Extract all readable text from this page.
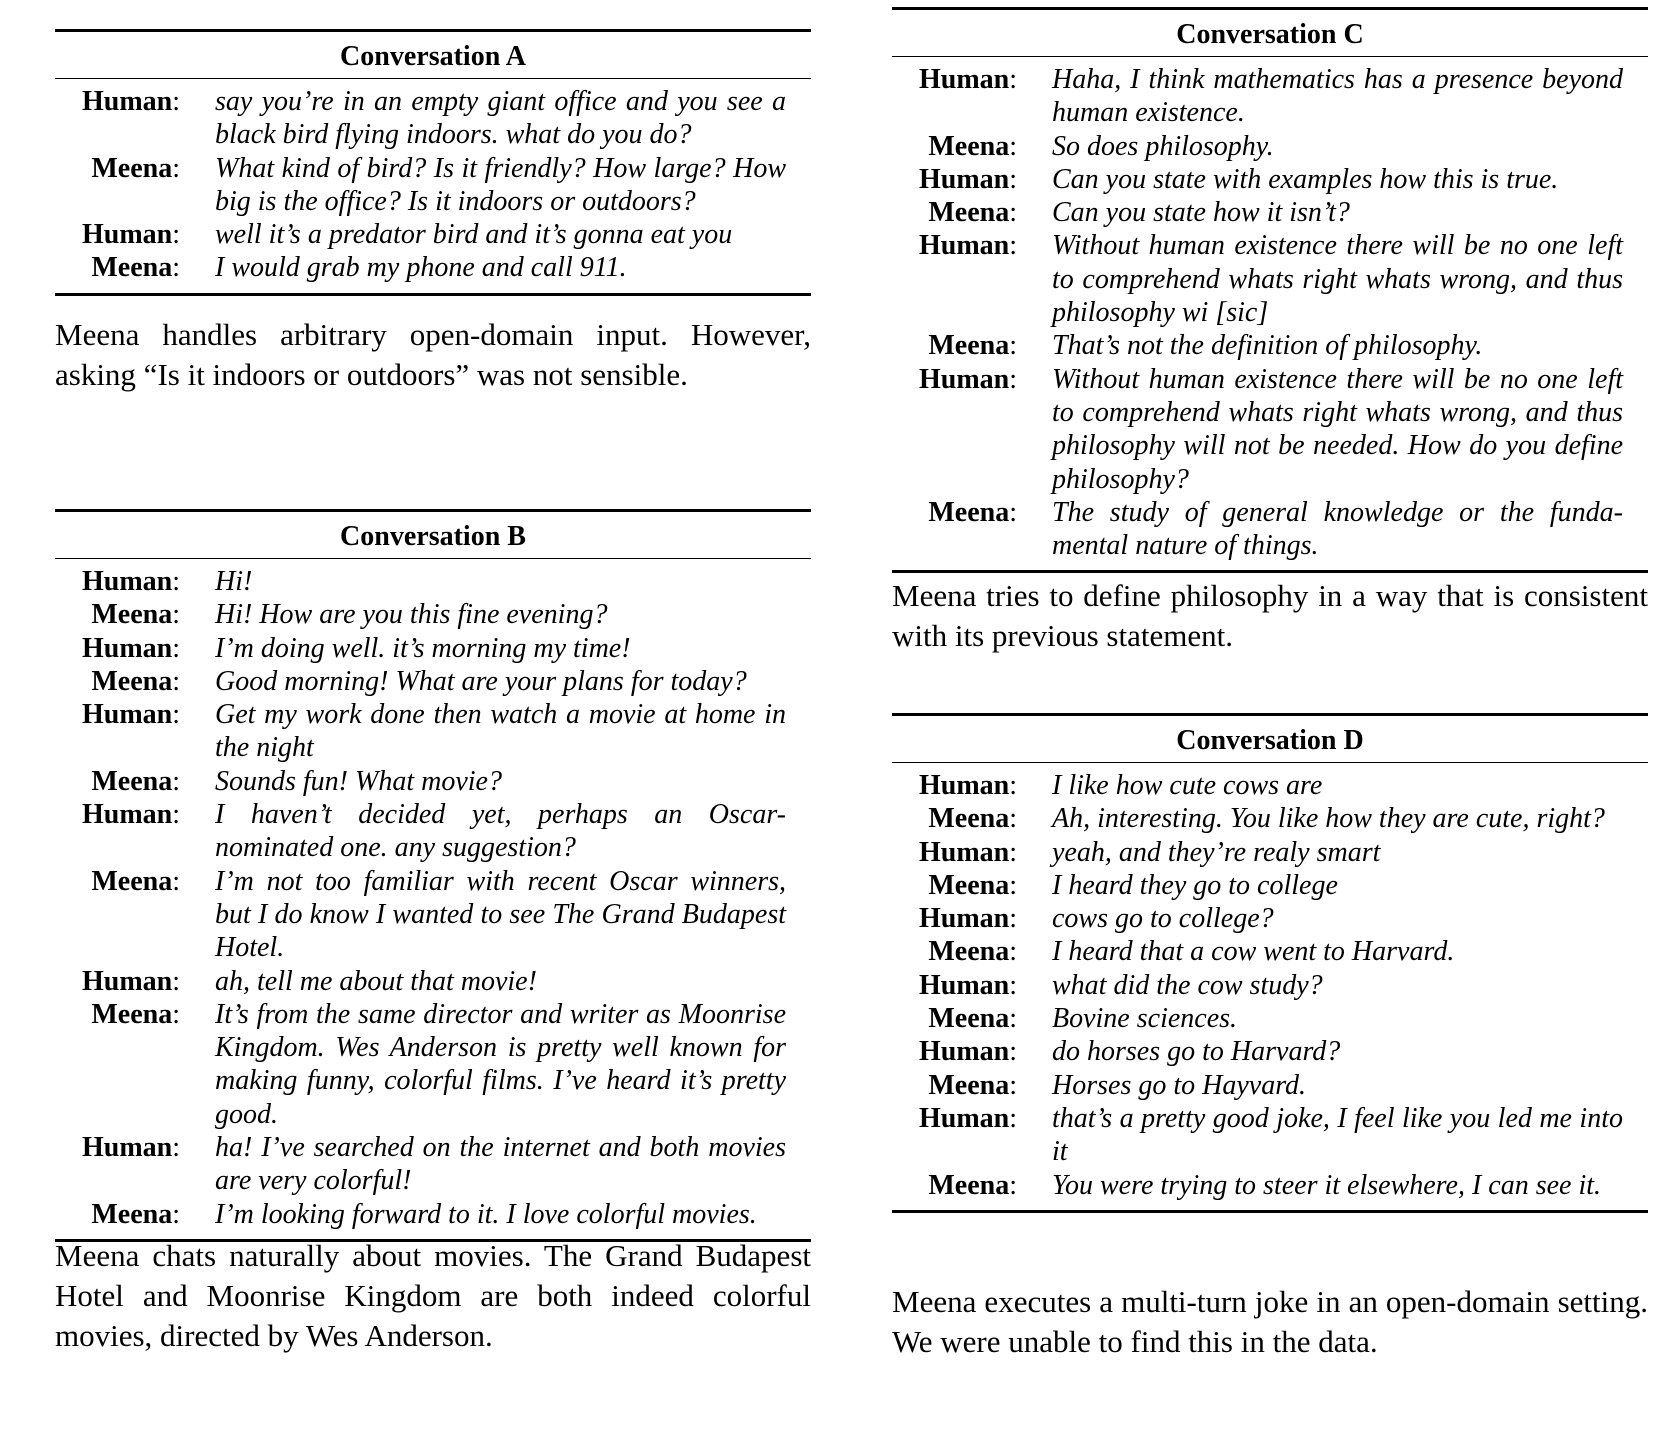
Conversation A
Human: say you’re in an empty giant office and you see a black bird flying indoors. what do you do?
Meena: What kind of bird? Is it friendly? How large? How big is the office? Is it indoors or outdoors?
Human: well it’s a predator bird and it’s gonna eat you
Meena: I would grab my phone and call 911.
Meena handles arbitrary open-domain input. However, asking “Is it indoors or outdoors” was not sensible.
Conversation B
Human: Hi!
Meena: Hi! How are you this fine evening?
Human: I’m doing well. it’s morning my time!
Meena: Good morning! What are your plans for today?
Human: Get my work done then watch a movie at home in the night
Meena: Sounds fun! What movie?
Human: I haven’t decided yet, perhaps an Oscar-nominated one. any suggestion?
Meena: I’m not too familiar with recent Oscar winners, but I do know I wanted to see The Grand Budapest Hotel.
Human: ah, tell me about that movie!
Meena: It’s from the same director and writer as Moonrise Kingdom. Wes Anderson is pretty well known for making funny, colorful films. I’ve heard it’s pretty good.
Human: ha! I’ve searched on the internet and both movies are very colorful!
Meena: I’m looking forward to it. I love colorful movies.
Meena chats naturally about movies. The Grand Budapest Hotel and Moonrise Kingdom are both indeed colorful movies, directed by Wes Anderson.
Conversation C
Human: Haha, I think mathematics has a presence beyond human existence.
Meena: So does philosophy.
Human: Can you state with examples how this is true.
Meena: Can you state how it isn’t?
Human: Without human existence there will be no one left to comprehend whats right whats wrong, and thus philosophy wi [sic]
Meena: That’s not the definition of philosophy.
Human: Without human existence there will be no one left to comprehend whats right whats wrong, and thus philosophy will not be needed. How do you define philosophy?
Meena: The study of general knowledge or the fundamental nature of things.
Meena tries to define philosophy in a way that is consistent with its previous statement.
Conversation D
Human: I like how cute cows are
Meena: Ah, interesting. You like how they are cute, right?
Human: yeah, and they’re realy smart
Meena: I heard they go to college
Human: cows go to college?
Meena: I heard that a cow went to Harvard.
Human: what did the cow study?
Meena: Bovine sciences.
Human: do horses go to Harvard?
Meena: Horses go to Hayvard.
Human: that’s a pretty good joke, I feel like you led me into it
Meena: You were trying to steer it elsewhere, I can see it.
Meena executes a multi-turn joke in an open-domain setting. We were unable to find this in the data.
